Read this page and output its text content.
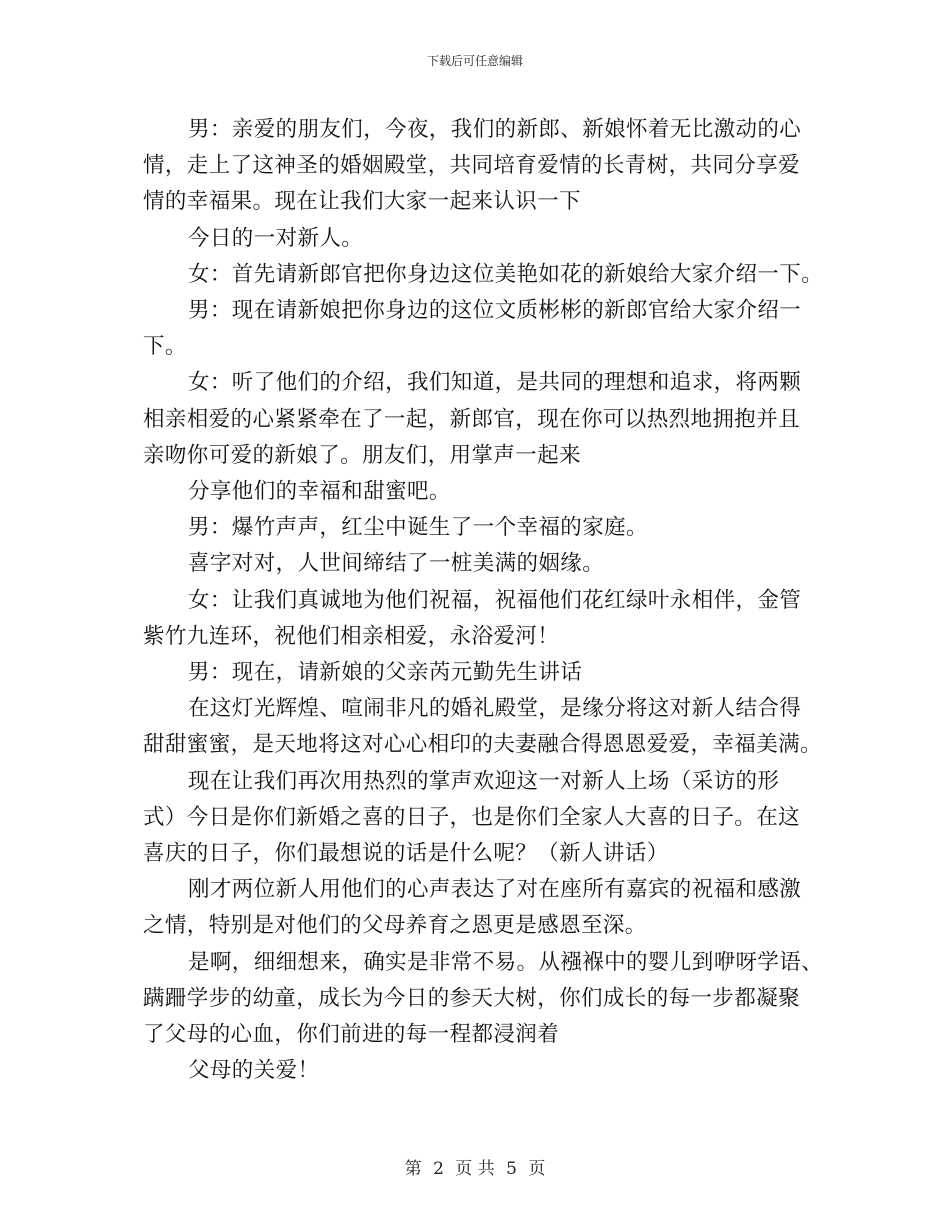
下载后可任意编辑

男：亲爱的朋友们，今夜，我们的新郎、新娘怀着无比激动的心

情，走上了这神圣的婚姻殿堂，共同培育爱情的长青树，共同分享爱

情的幸福果。现在让我们大家一起来认识一下

今日的一对新人。

女：首先请新郎官把你身边这位美艳如花的新娘给大家介绍一下。

男：现在请新娘把你身边的这位文质彬彬的新郎官给大家介绍一

下。

女：听了他们的介绍，我们知道，是共同的理想和追求，将两颗

相亲相爱的心紧紧牵在了一起，新郎官，现在你可以热烈地拥抱并且

亲吻你可爱的新娘了。朋友们，用掌声一起来

分享他们的幸福和甜蜜吧。

男：爆竹声声，红尘中诞生了一个幸福的家庭。

喜字对对，人世间缔结了一桩美满的姻缘。

女：让我们真诚地为他们祝福，祝福他们花红绿叶永相伴，金管

紫竹九连环，祝他们相亲相爱，永浴爱河！

男：现在，请新娘的父亲芮元勤先生讲话

在这灯光辉煌、喧闹非凡的婚礼殿堂，是缘分将这对新人结合得

甜甜蜜蜜，是天地将这对心心相印的夫妻融合得恩恩爱爱，幸福美满。

现在让我们再次用热烈的掌声欢迎这一对新人上场（采访的形

式）今日是你们新婚之喜的日子，也是你们全家人大喜的日子。在这

喜庆的日子，你们最想说的话是什么呢？（新人讲话）

刚才两位新人用他们的心声表达了对在座所有嘉宾的祝福和感激

之情，特别是对他们的父母养育之恩更是感恩至深。

是啊，细细想来，确实是非常不易。从襁褓中的婴儿到咿呀学语、

蹒跚学步的幼童，成长为今日的参天大树，你们成长的每一步都凝聚

了父母的心血，你们前进的每一程都浸润着

父母的关爱！

第 2 页 共 5 页
